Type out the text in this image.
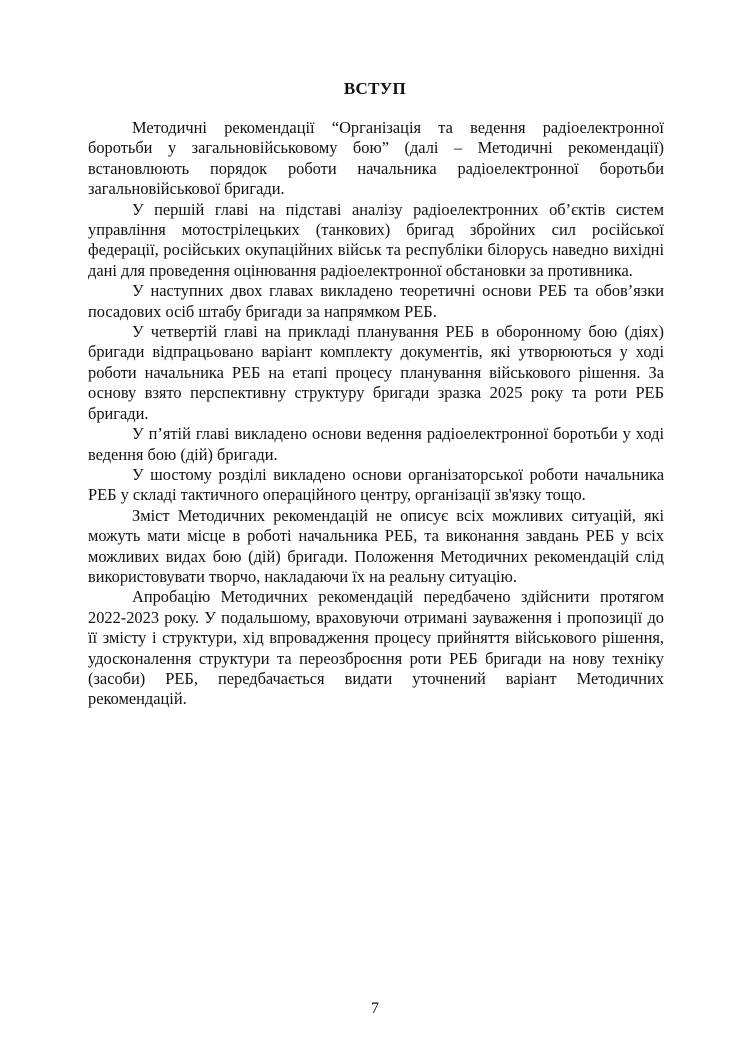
ВСТУП

Методичні рекомендації “Організація та ведення радіоелектронної боротьби у загальновійськовому бою” (далі – Методичні рекомендації) встановлюють порядок роботи начальника радіоелектронної боротьби загальновійськової бригади.

У першій главі на підставі аналізу радіоелектронних об’єктів систем управління мотострілецьких (танкових) бригад збройних сил російської федерації, російських окупаційних військ та республіки білорусь наведно вихідні дані для проведення оцінювання радіоелектронної обстановки за противника.

У наступних двох главах викладено теоретичні основи РЕБ та обов’язки посадових осіб штабу бригади за напрямком РЕБ.

У четвертій главі на прикладі планування РЕБ в оборонному бою (діях) бригади відпрацьовано варіант комплекту документів, які утворюються у ході роботи начальника РЕБ на етапі процесу планування військового рішення. За основу взято перспективну структуру бригади зразка 2025 року та роти РЕБ бригади.

У п’ятій главі викладено основи ведення радіоелектронної боротьби у ході ведення бою (дій) бригади.

У шостому розділі викладено основи організаторської роботи начальника РЕБ у складі тактичного операційного центру, організації зв'язку тощо.

Зміст Методичних рекомендацій не описує всіх можливих ситуацій, які можуть мати місце в роботі начальника РЕБ, та виконання завдань РЕБ у всіх можливих видах бою (дій) бригади. Положення Методичних рекомендацій слід використовувати творчо, накладаючи їх на реальну ситуацію.

Апробацію Методичних рекомендацій передбачено здійснити протягом 2022-2023 року. У подальшому, враховуючи отримані зауваження і пропозиції до її змісту і структури, хід впровадження процесу прийняття військового рішення, удосконалення структури та переозброєння роти РЕБ бригади на нову техніку (засоби) РЕБ, передбачається видати уточнений варіант Методичних рекомендацій.

7
